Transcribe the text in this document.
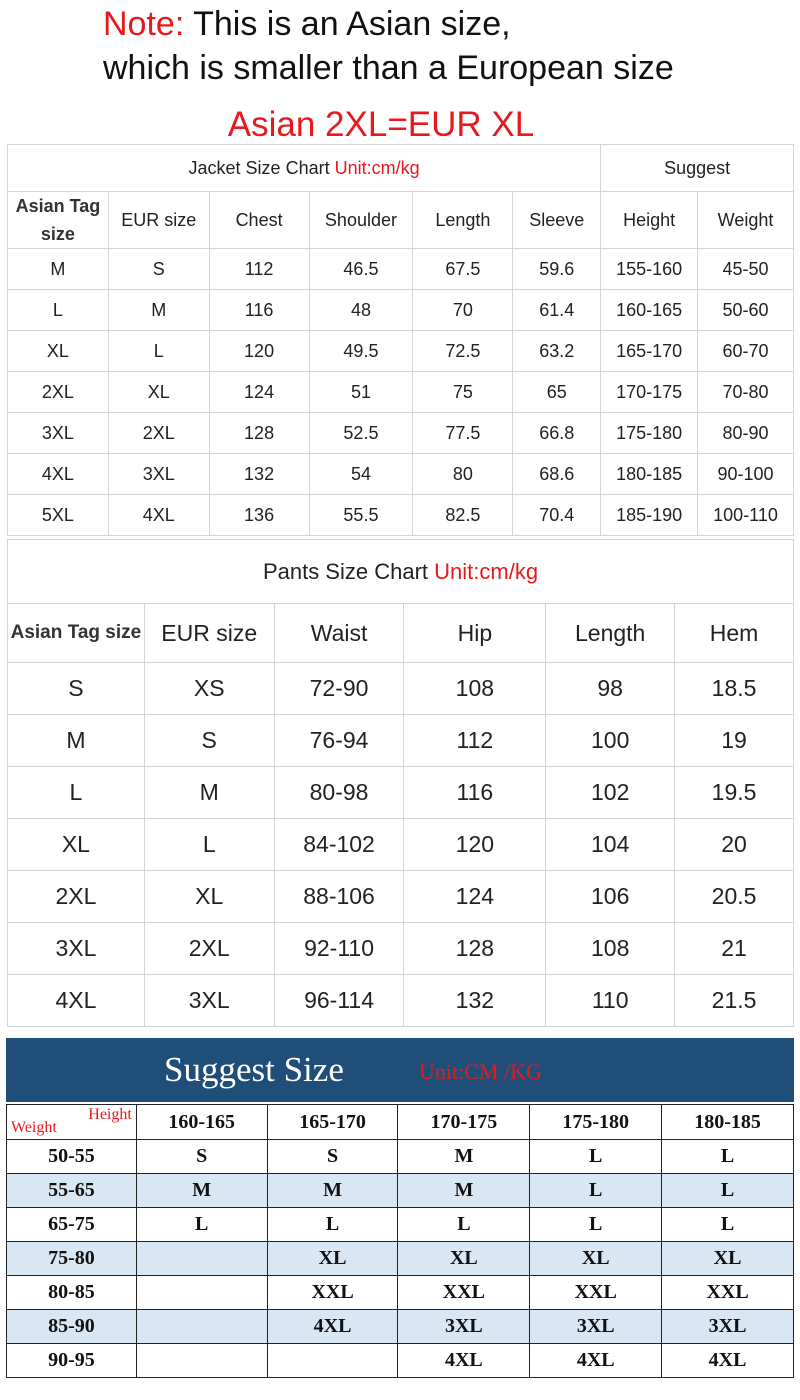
Note: This is an Asian size,
which is smaller than a European size
Asian 2XL=EUR XL
Jacket Size Chart Unit:cm/kg						Suggest	
Asian Tag size	EUR size	Chest	Shoulder	Length	Sleeve	Height	Weight
M	S	112	46.5	67.5	59.6	155-160	45-50
L	M	116	48	70	61.4	160-165	50-60
XL	L	120	49.5	72.5	63.2	165-170	60-70
2XL	XL	124	51	75	65	170-175	70-80
3XL	2XL	128	52.5	77.5	66.8	175-180	80-90
4XL	3XL	132	54	80	68.6	180-185	90-100
5XL	4XL	136	55.5	82.5	70.4	185-190	100-110
Pants Size Chart Unit:cm/kg					
Asian Tag size	EUR size	Waist	Hip	Length	Hem
S	XS	72-90	108	98	18.5
M	S	76-94	112	100	19
L	M	80-98	116	102	19.5
XL	L	84-102	120	104	20
2XL	XL	88-106	124	106	20.5
3XL	2XL	92-110	128	108	21
4XL	3XL	96-114	132	110	21.5
Suggest Size	Unit:CM /KG
Height
Weight	160-165	165-170	170-175	175-180	180-185
50-55	S	S	M	L	L
55-65	M	M	M	L	L
65-75	L	L	L	L	L
75-80		XL	XL	XL	XL
80-85		XXL	XXL	XXL	XXL
85-90		4XL	3XL	3XL	3XL
90-95			4XL	4XL	4XL
